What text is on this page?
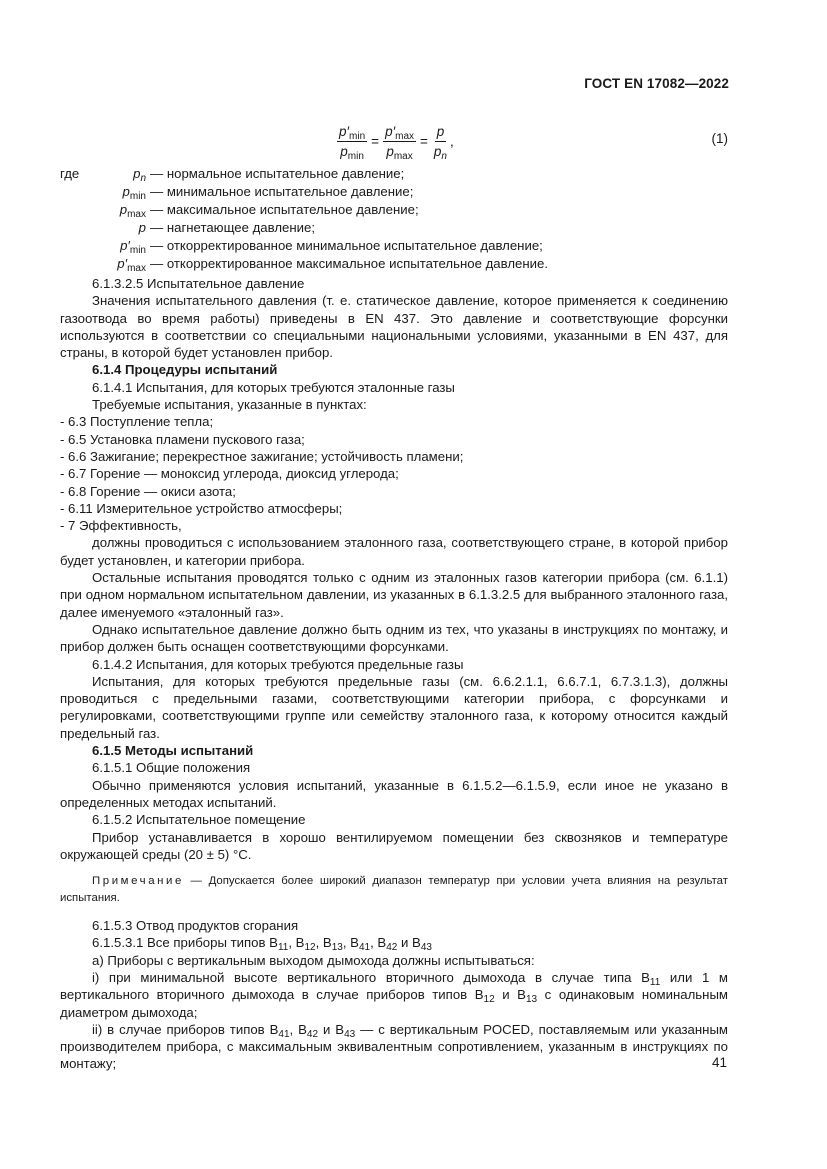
ГОСТ EN 17082—2022
$\frac{p'_{min}}{p_{min}} = \frac{p'_{max}}{p_{max}} = \frac{p}{p_n}$ ,	(1)
где	$p_n$ — нормальное испытательное давление;
$p_{min}$ — минимальное испытательное давление;
$p_{max}$ — максимальное испытательное давление;
p — нагнетающее давление;
$p'_{min}$ — откорректированное минимальное испытательное давление;
$p'_{max}$ — откорректированное максимальное испытательное давление.

6.1.3.2.5 Испытательное давление

Значения испытательного давления (т. е. статическое давление, которое применяется к соединению газоотвода во время работы) приведены в EN 437. Это давление и соответствующие форсунки используются в соответствии со специальными национальными условиями, указанными в EN 437, для страны, в которой будет установлен прибор.

6.1.4 Процедуры испытаний

6.1.4.1 Испытания, для которых требуются эталонные газы

Требуемые испытания, указанные в пунктах:

- 6.3 Поступление тепла;

- 6.5 Установка пламени пускового газа;

- 6.6 Зажигание; перекрестное зажигание; устойчивость пламени;

- 6.7 Горение — моноксид углерода, диоксид углерода;

- 6.8 Горение — окиси азота;

- 6.11 Измерительное устройство атмосферы;

- 7 Эффективность,

должны проводиться с использованием эталонного газа, соответствующего стране, в которой прибор будет установлен, и категории прибора.

Остальные испытания проводятся только с одним из эталонных газов категории прибора (см. 6.1.1) при одном нормальном испытательном давлении, из указанных в 6.1.3.2.5 для выбранного эталонного газа, далее именуемого «эталонный газ».

Однако испытательное давление должно быть одним из тех, что указаны в инструкциях по монтажу, и прибор должен быть оснащен соответствующими форсунками.

6.1.4.2 Испытания, для которых требуются предельные газы

Испытания, для которых требуются предельные газы (см. 6.6.2.1.1, 6.6.7.1, 6.7.3.1.3), должны проводиться с предельными газами, соответствующими категории прибора, с форсунками и регулировками, соответствующими группе или семейству эталонного газа, к которому относится каждый предельный газ.

6.1.5 Методы испытаний

6.1.5.1 Общие положения

Обычно применяются условия испытаний, указанные в 6.1.5.2—6.1.5.9, если иное не указано в определенных методах испытаний.

6.1.5.2 Испытательное помещение

Прибор устанавливается в хорошо вентилируемом помещении без сквозняков и температуре окружающей среды (20 ± 5) °С.

Примечание — Допускается более широкий диапазон температур при условии учета влияния на результат испытания.

6.1.5.3 Отвод продуктов сгорания

6.1.5.3.1 Все приборы типов $В_{11}$, $В_{12}$, $В_{13}$, $В_{41}$, $В_{42}$ и $В_{43}$

а) Приборы с вертикальным выходом дымохода должны испытываться:

i) при минимальной высоте вертикального вторичного дымохода в случае типа $В_{11}$ или 1 м вертикального вторичного дымохода в случае приборов типов $В_{12}$ и $В_{13}$ с одинаковым номинальным диаметром дымохода;

ii) в случае приборов типов $В_{41}$, $В_{42}$ и $В_{43}$ — с вертикальным POCED, поставляемым или указанным производителем прибора, с максимальным эквивалентным сопротивлением, указанным в инструкциях по монтажу;	41
